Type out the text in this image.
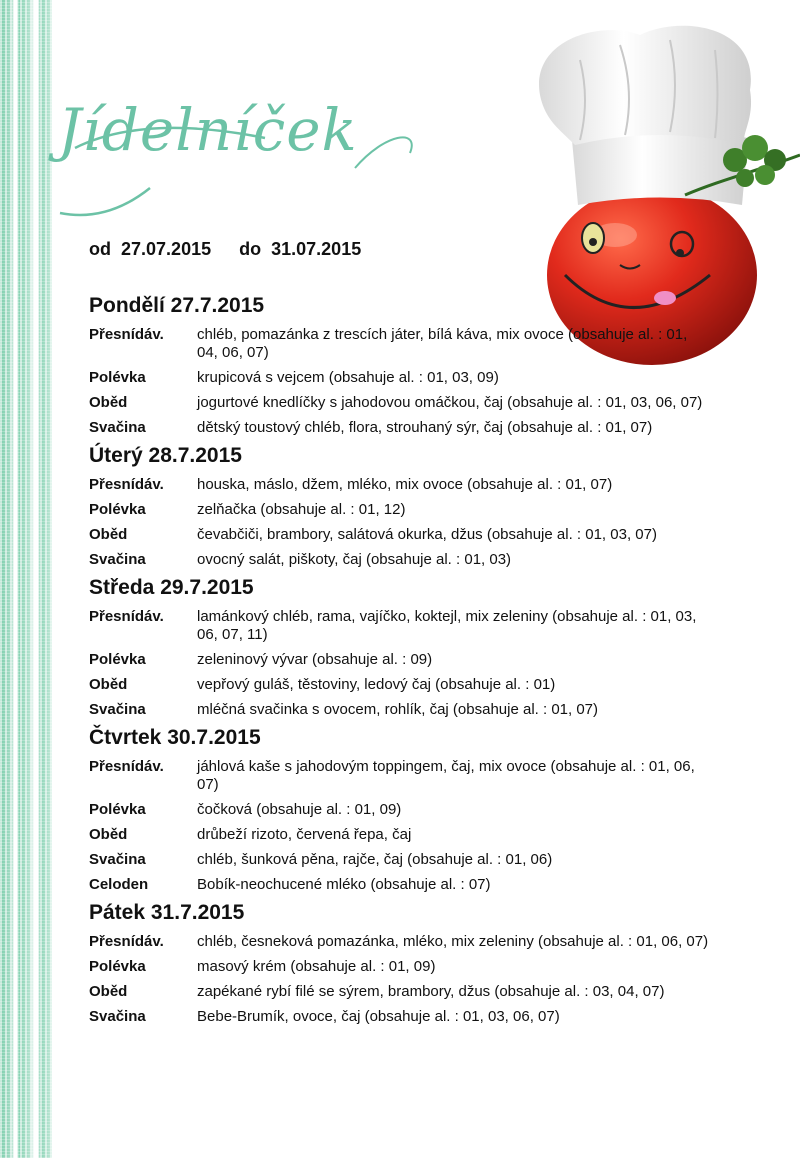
Jídelníček
od 27.07.2015 do 31.07.2015
Pondělí 27.7.2015
Přesnídáv.	chléb, pomazánka z trescích játer, bílá káva, mix ovoce (obsahuje al. : 01, 04, 06, 07)
Polévka	krupicová s vejcem (obsahuje al. : 01, 03, 09)
Oběd	jogurtové knedlíčky s jahodovou omáčkou, čaj (obsahuje al. : 01, 03, 06, 07)
Svačina	dětský toustový chléb, flora, strouhaný sýr, čaj (obsahuje al. : 01, 07)
Úterý 28.7.2015
Přesnídáv.	houska, máslo, džem, mléko, mix ovoce (obsahuje al. : 01, 07)
Polévka	zelňačka (obsahuje al. : 01, 12)
Oběd	čevabčiči, brambory, salátová okurka, džus (obsahuje al. : 01, 03, 07)
Svačina	ovocný salát, piškoty, čaj (obsahuje al. : 01, 03)
Středa 29.7.2015
Přesnídáv.	lamánkový chléb, rama, vajíčko, koktejl, mix zeleniny (obsahuje al. : 01, 03, 06, 07, 11)
Polévka	zeleninový vývar (obsahuje al. : 09)
Oběd	vepřový guláš, těstoviny, ledový čaj (obsahuje al. : 01)
Svačina	mléčná svačinka s ovocem, rohlík, čaj (obsahuje al. : 01, 07)
Čtvrtek 30.7.2015
Přesnídáv.	jáhlová kaše s jahodovým toppingem, čaj, mix ovoce (obsahuje al. : 01, 06, 07)
Polévka	čočková (obsahuje al. : 01, 09)
Oběd	drůbeží rizoto, červená řepa, čaj
Svačina	chléb, šunková pěna, rajče, čaj (obsahuje al. : 01, 06)
Celoden	Bobík-neochucené mléko (obsahuje al. : 07)
Pátek 31.7.2015
Přesnídáv.	chléb, česneková pomazánka, mléko, mix zeleniny (obsahuje al. : 01, 06, 07)
Polévka	masový krém (obsahuje al. : 01, 09)
Oběd	zapékané rybí filé se sýrem, brambory, džus (obsahuje al. : 03, 04, 07)
Svačina	Bebe-Brumík, ovoce, čaj (obsahuje al. : 01, 03, 06, 07)
